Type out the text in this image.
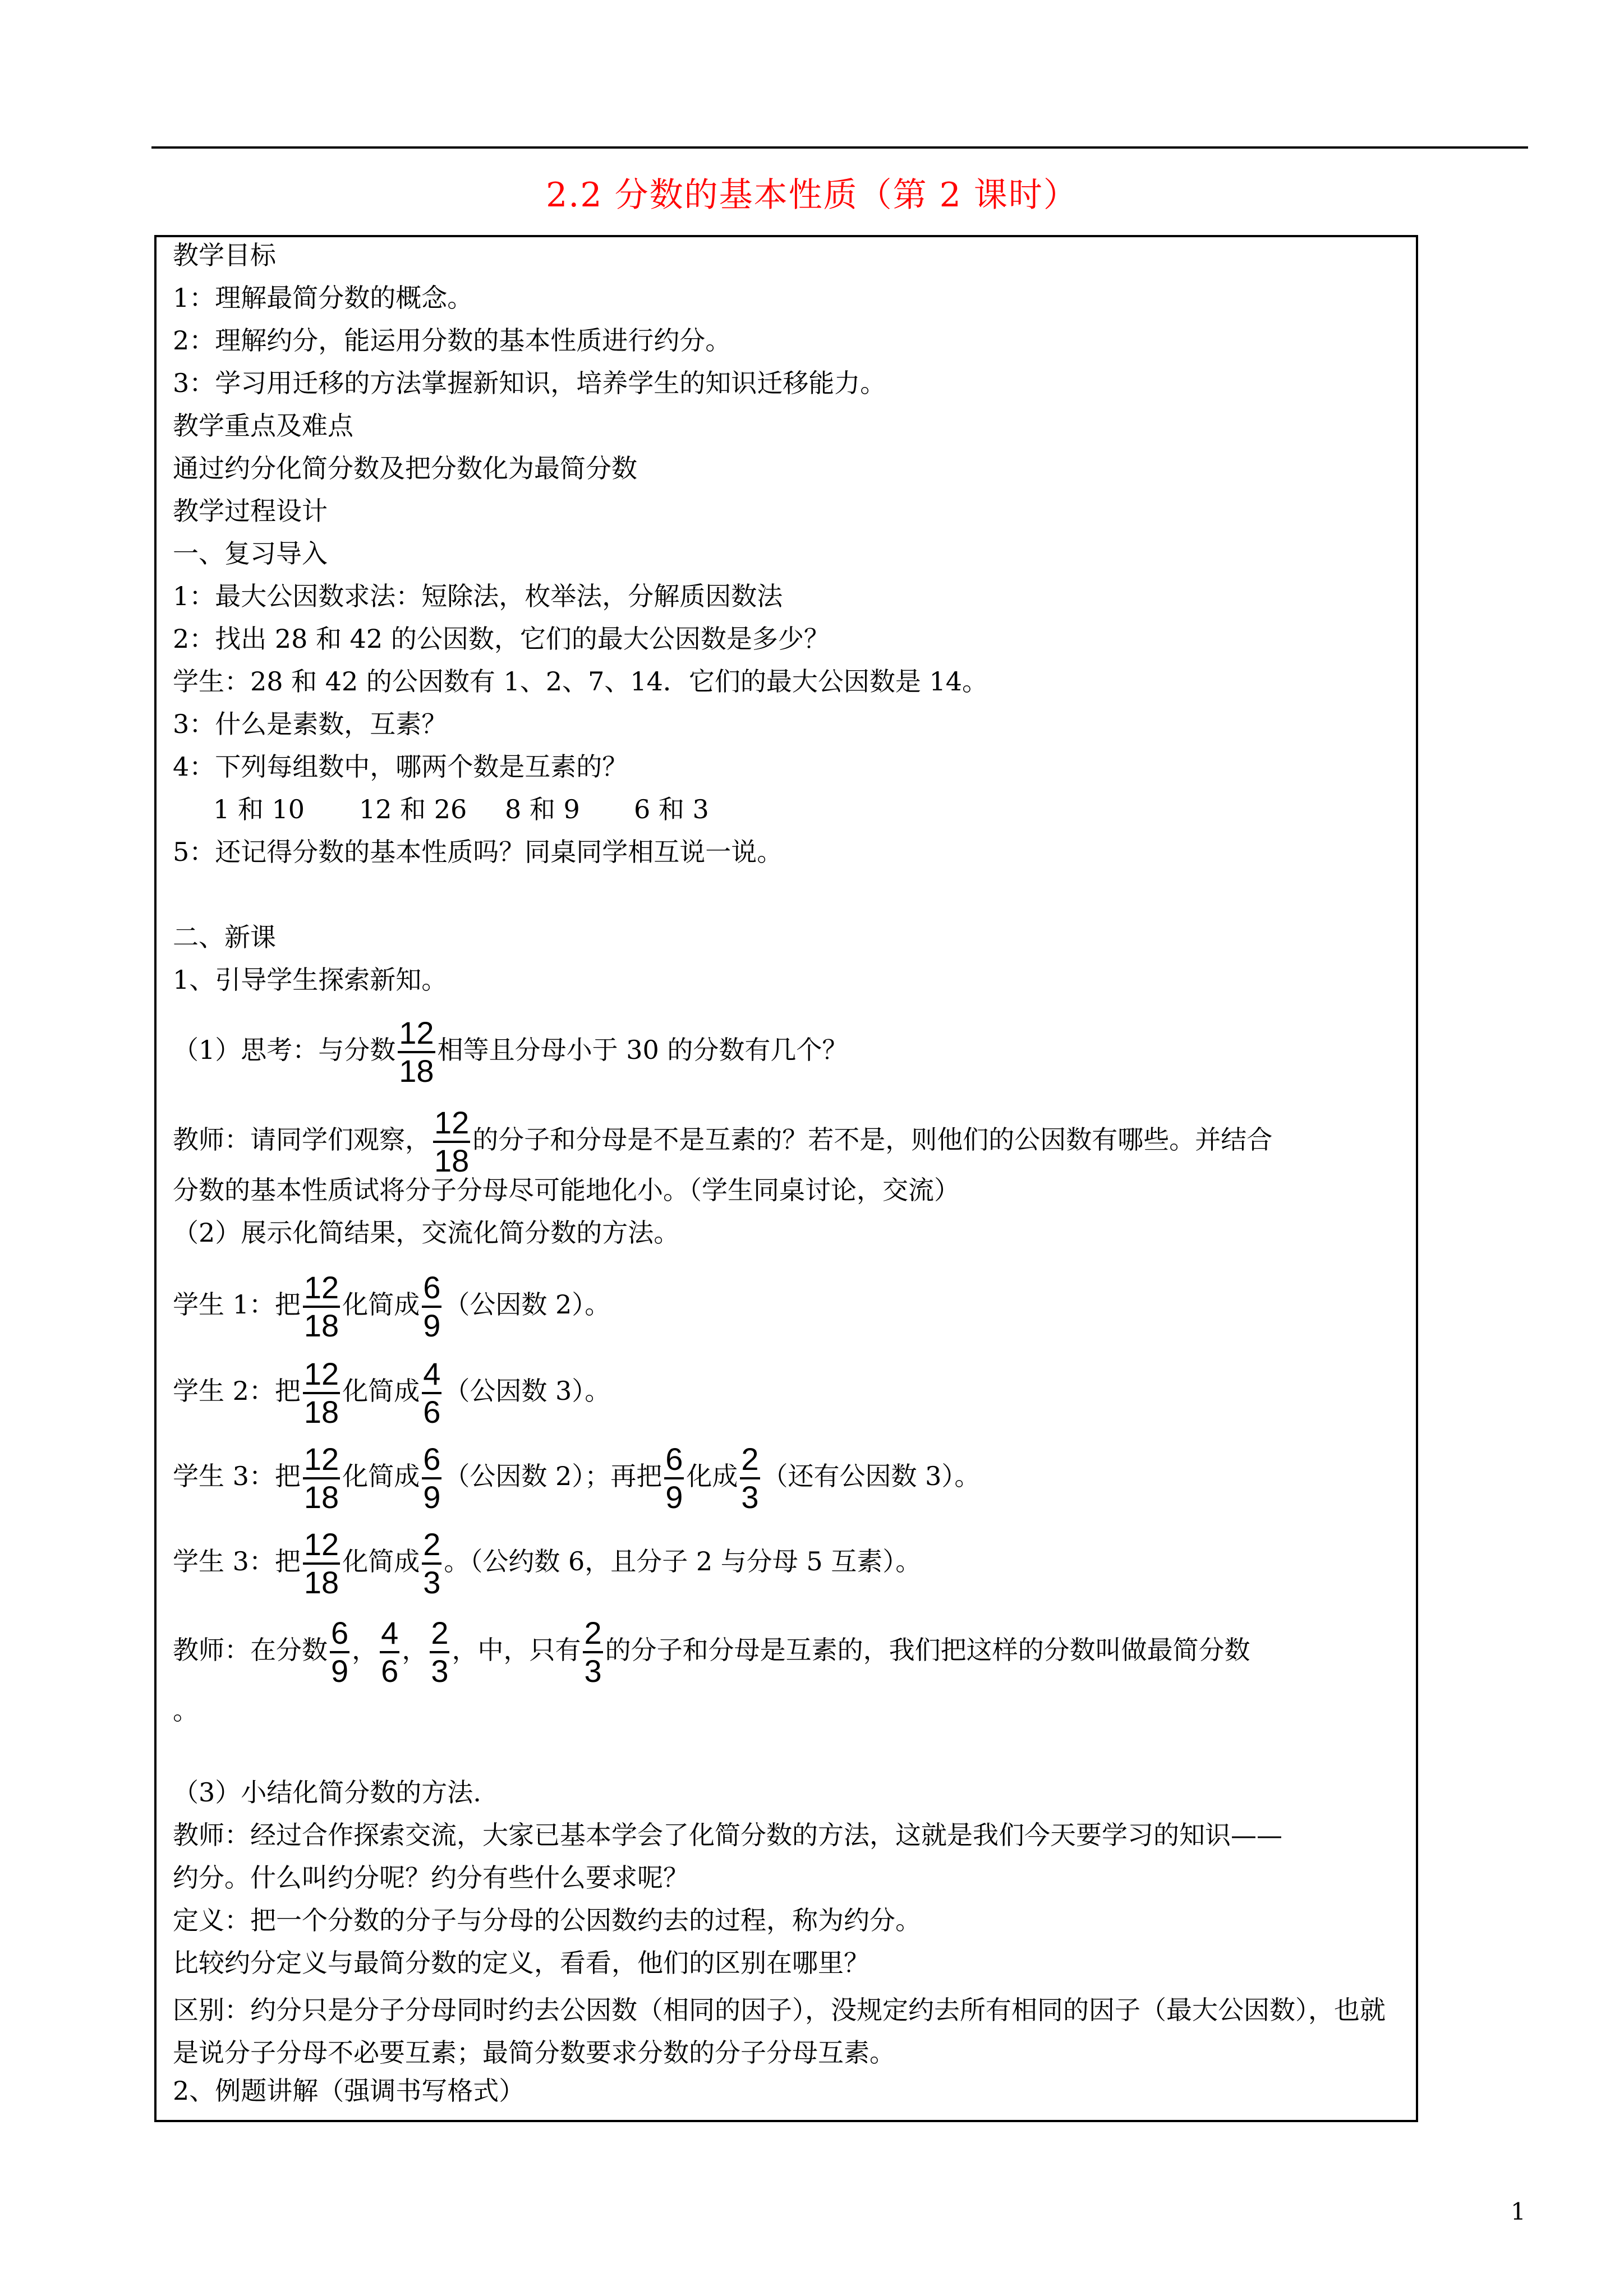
2.2 分数的基本性质（第 2 课时）
教学目标
1：理解最简分数的概念。
2：理解约分，能运用分数的基本性质进行约分。
3：学习用迁移的方法掌握新知识，培养学生的知识迁移能力。
教学重点及难点
通过约分化简分数及把分数化为最简分数
教学过程设计
一、复习导入
1：最大公因数求法：短除法，枚举法，分解质因数法
2：找出 28 和 42 的公因数，它们的最大公因数是多少？
学生：28 和 42 的公因数有 1、2、7、14．它们的最大公因数是 14。
3：什么是素数，互素？
4：下列每组数中，哪两个数是互素的？
1 和 10 12 和 26 8 和 9 6 和 3
5：还记得分数的基本性质吗？同桌同学相互说一说。
二、新课
1、引导学生探索新知。
（1）思考：与分数 $\frac{12}{18}$ 相等且分母小于 30 的分数有几个？
教师：请同学们观察， $\frac{12}{18}$ 的分子和分母是不是互素的？若不是，则他们的公因数有哪些。并结合
分数的基本性质试将分子分母尽可能地化小。（学生同桌讨论，交流）
（2）展示化简结果，交流化简分数的方法。
学生 1：把 $\frac{12}{18}$ 化简成 $\frac{6}{9}$ （公因数 2）。
学生 2：把 $\frac{12}{18}$ 化简成 $\frac{4}{6}$ （公因数 3）。
学生 3：把 $\frac{12}{18}$ 化简成 $\frac{6}{9}$ （公因数 2）；再把 $\frac{6}{9}$ 化成 $\frac{2}{3}$ （还有公因数 3）。
学生 3：把 $\frac{12}{18}$ 化简成 $\frac{2}{3}$ 。（公约数 6，且分子 2 与分母 5 互素）。
教师：在分数 $\frac{6}{9}$ ， $\frac{4}{6}$ ， $\frac{2}{3}$ ，中，只有 $\frac{2}{3}$ 的分子和分母是互素的，我们把这样的分数叫做最简分数
。
（3）小结化简分数的方法.
教师：经过合作探索交流，大家已基本学会了化简分数的方法，这就是我们今天要学习的知识——
约分。什么叫约分呢？约分有些什么要求呢？
定义：把一个分数的分子与分母的公因数约去的过程，称为约分。
比较约分定义与最简分数的定义，看看，他们的区别在哪里？
区别：约分只是分子分母同时约去公因数（相同的因子），没规定约去所有相同的因子（最大公因数），也就是说分子分母不必要互素；最简分数要求分数的分子分母互素。
2、例题讲解（强调书写格式）
1
